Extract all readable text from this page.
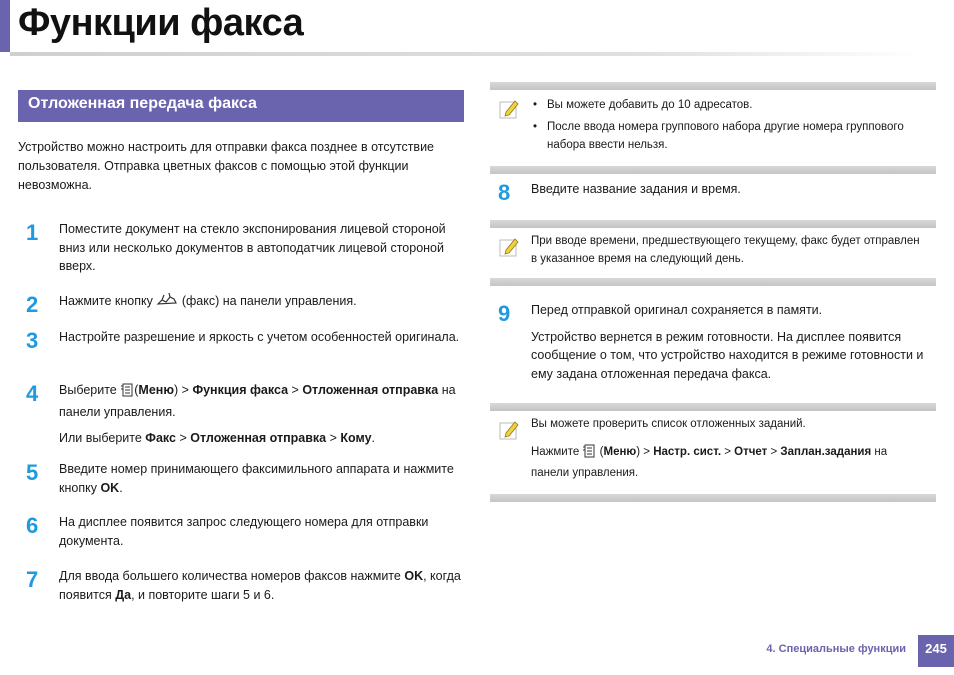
Функции факса
Отложенная передача факса

Устройство можно настроить для отправки факса позднее в отсутствие пользователя. Отправка цветных факсов с помощью этой функции невозможна.

1 Поместите документ на стекло экспонирования лицевой стороной вниз или несколько документов в автоподатчик лицевой стороной вверх.
2 Нажмите кнопку (факс) на панели управления.
3 Настройте разрешение и яркость с учетом особенностей оригинала.
4 Выберите (Меню) > Функция факса > Отложенная отправка на панели управления.

Или выберите Факс > Отложенная отправка > Кому.

5 Введите номер принимающего факсимильного аппарата и нажмите кнопку OK.
6 На дисплее появится запрос следующего номера для отправки документа.
7 Для ввода большего количества номеров факсов нажмите OK, когда появится Да, и повторите шаги 5 и 6.
• Вы можете добавить до 10 адресатов.
• После ввода номера группового набора другие номера группового набора ввести нельзя.
8 Введите название задания и время.

При вводе времени, предшествующего текущему, факс будет отправлен в указанное время на следующий день.

9 Перед отправкой оригинал сохраняется в памяти.

Устройство вернется в режим готовности. На дисплее появится сообщение о том, что устройство находится в режиме готовности и ему задана отложенная передача факса.

Вы можете проверить список отложенных заданий.

Нажмите  (Меню) > Настр. сист. > Отчет > Заплан.задания на панели управления.

4. Специальные функции	245
